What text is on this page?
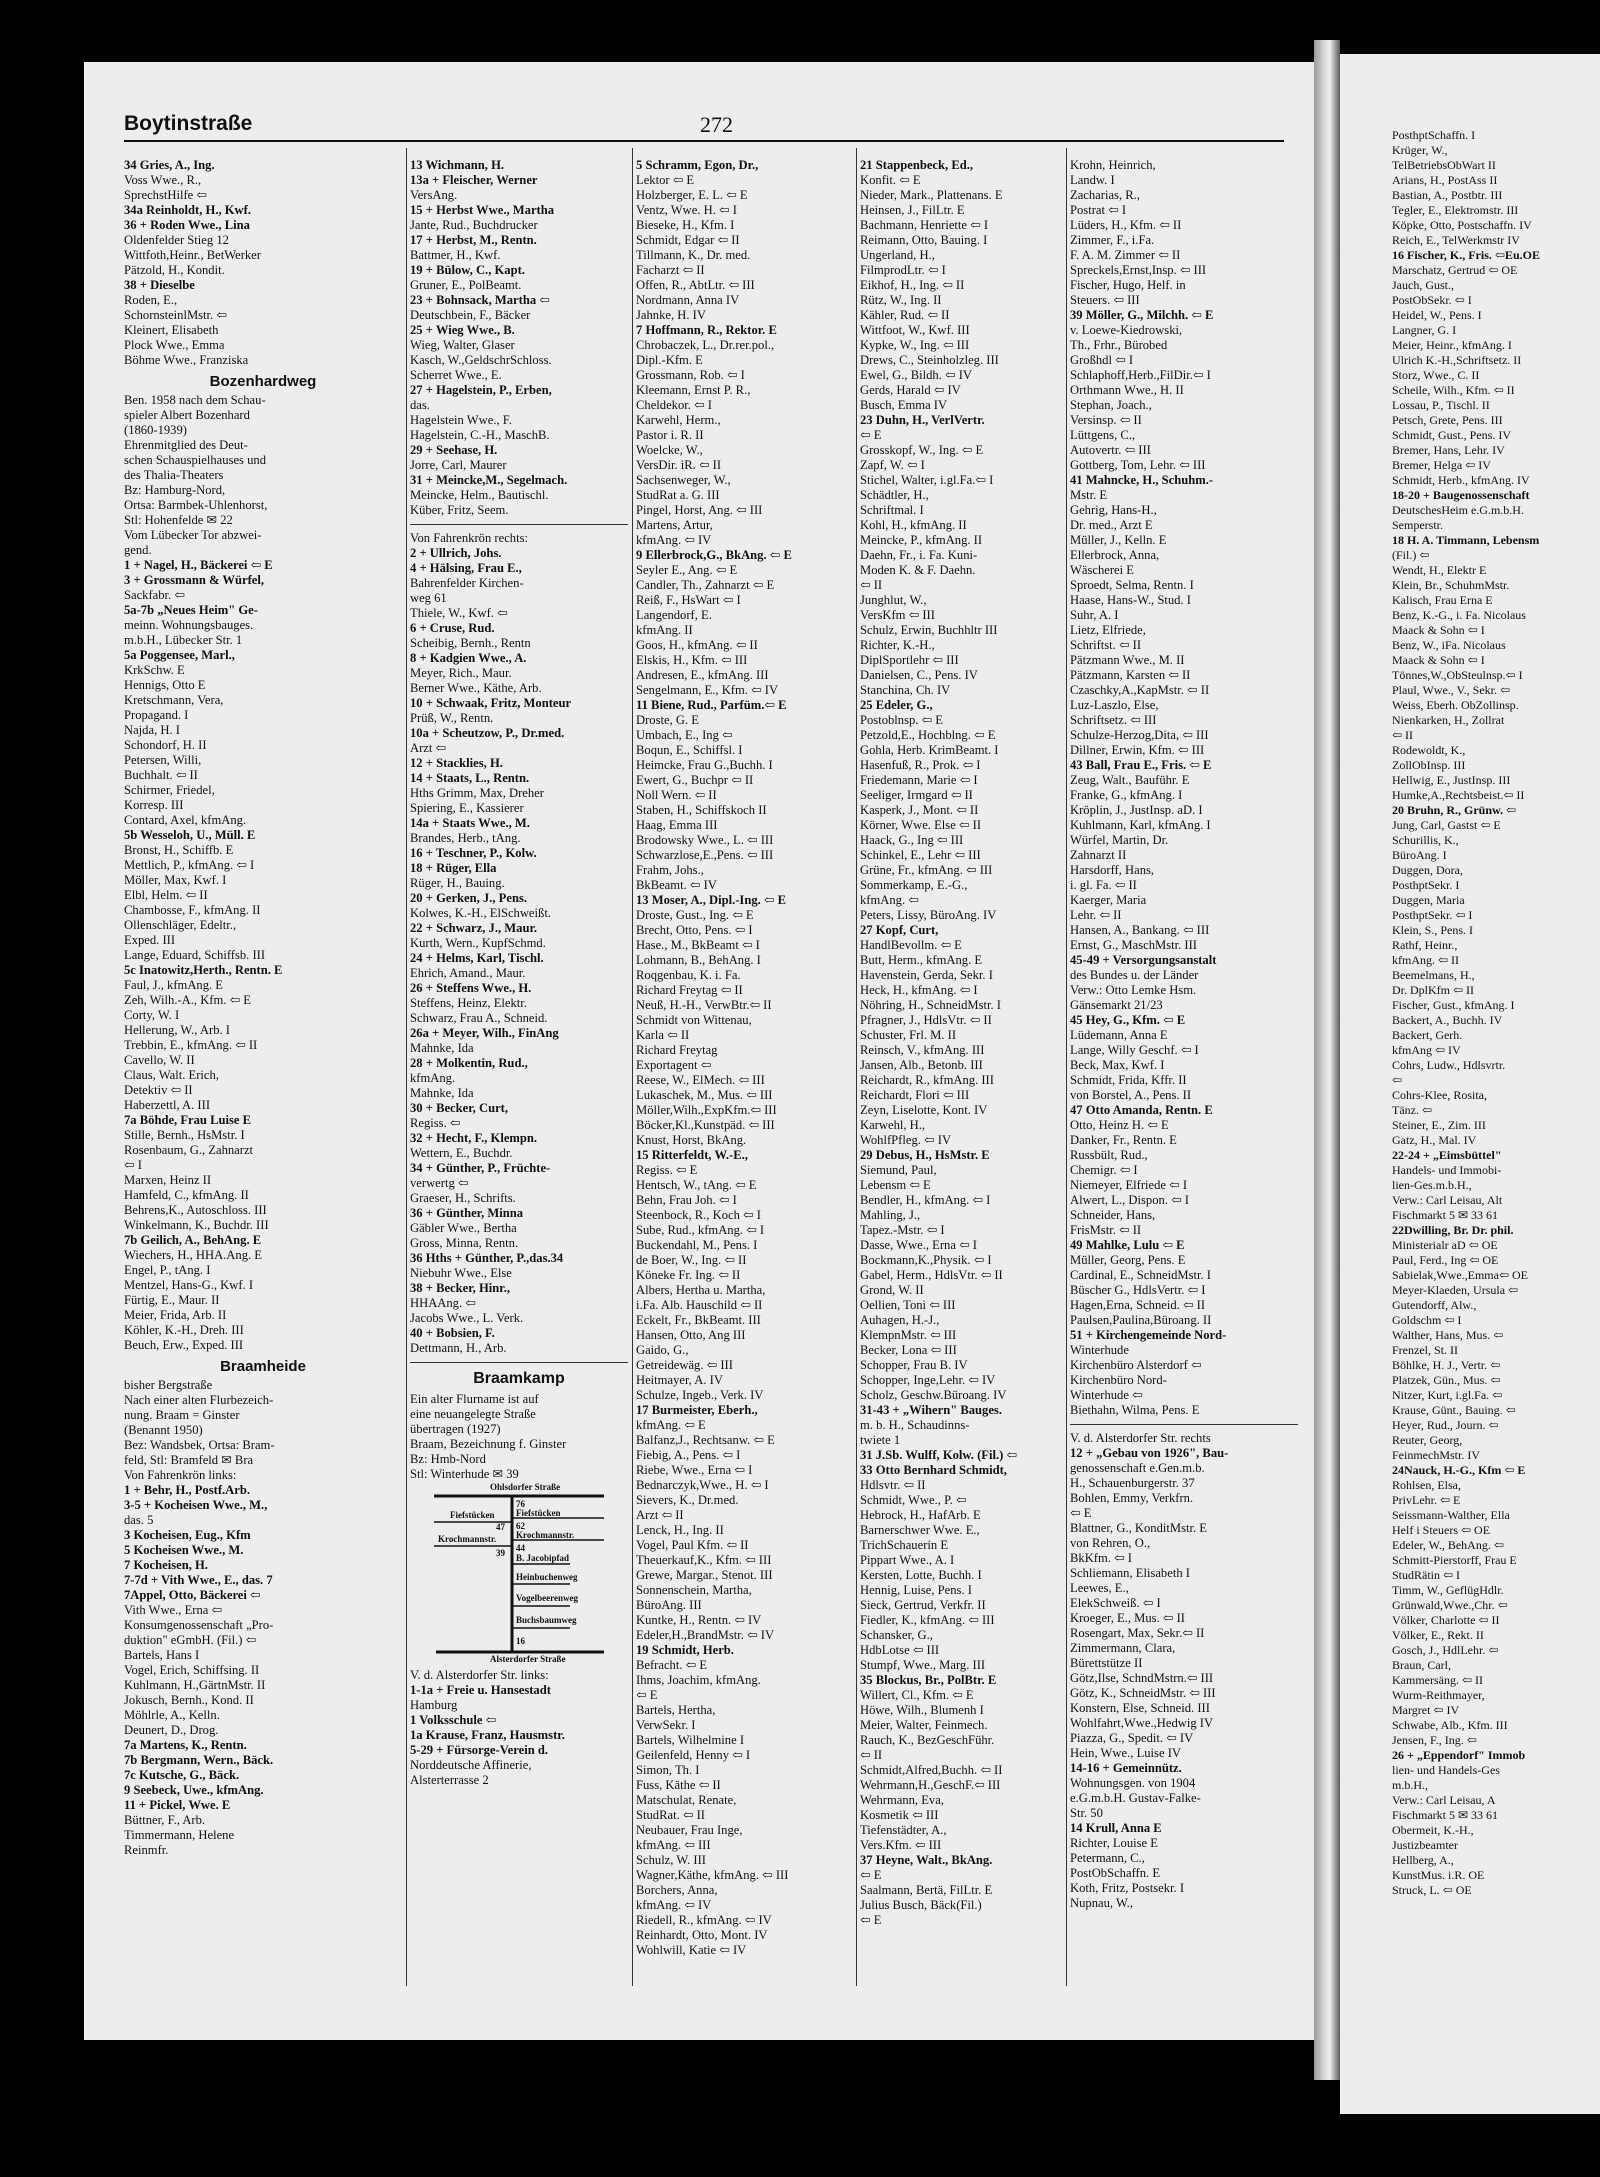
Boytinstraße	272
34 Gries, A., Ing.
Voss Wwe., R.,
SprechstHilfe ⇦
34a Reinholdt, H., Kwf.
36 + Roden Wwe., Lina
Oldenfelder Stieg 12
Wittfoth,Heinr., BetWerker
Pätzold, H., Kondit.
38 + Dieselbe
Roden, E.,
SchornsteinlMstr. ⇦
Kleinert, Elisabeth
Plock Wwe., Emma
Böhme Wwe., Franziska
Bozenhardweg
Ben. 1958 nach dem Schau-
spieler Albert Bozenhard
(1860-1939)
Ehrenmitglied des Deut-
schen Schauspielhauses und
des Thalia-Theaters
Bz: Hamburg-Nord,
Ortsa: Barmbek-Uhlenhorst,
Stl: Hohenfelde ✉ 22
Vom Lübecker Tor abzwei-
gend.
1 + Nagel, H., Bäckerei ⇦ E
3 + Grossmann & Würfel,
Sackfabr. ⇦
5a-7b „Neues Heim" Ge-
meinn. Wohnungsbauges.
m.b.H., Lübecker Str. 1
5a Poggensee, Marl.,
KrkSchw. E
Hennigs, Otto E
Kretschmann, Vera,
Propagand. I
Najda, H. I
Schondorf, H. II
Petersen, Willi,
Buchhalt. ⇦ II
Schirmer, Friedel,
Korresp. III
Contard, Axel, kfmAng.
5b Wesseloh, U., Müll. E
Bronst, H., Schiffb. E
Mettlich, P., kfmAng. ⇦ I
Möller, Max, Kwf. I
Elbl, Helm. ⇦ II
Chambosse, F., kfmAng. II
Ollenschläger, Edeltr.,
Exped. III
Lange, Eduard, Schiffsb. III
5c Inatowitz,Herth., Rentn. E
Faul, J., kfmAng. E
Zeh, Wilh.-A., Kfm. ⇦ E
Corty, W. I
Hellerung, W., Arb. I
Trebbin, E., kfmAng. ⇦ II
Cavello, W. II
Claus, Walt. Erich,
Detektiv ⇦ II
Haberzettl, A. III
7a Böhde, Frau Luise E
Stille, Bernh., HsMstr. I
Rosenbaum, G., Zahnarzt
⇦ I
Marxen, Heinz II
Hamfeld, C., kfmAng. II
Behrens,K., Autoschloss. III
Winkelmann, K., Buchdr. III
7b Geilich, A., BehAng. E
Wiechers, H., HHA.Ang. E
Engel, P., tAng. I
Mentzel, Hans-G., Kwf. I
Fürtig, E., Maur. II
Meier, Frida, Arb. II
Köhler, K.-H., Dreh. III
Beuch, Erw., Exped. III
Braamheide
bisher Bergstraße
Nach einer alten Flurbezeich-
nung. Braam = Ginster
(Benannt 1950)
Bez: Wandsbek, Ortsa: Bram-
feld, Stl: Bramfeld ✉ Bra
Von Fahrenkrön links:
1 + Behr, H., Postf.Arb.
3-5 + Kocheisen Wwe., M.,
das. 5
3 Kocheisen, Eug., Kfm
5 Kocheisen Wwe., M.
7 Kocheisen, H.
7-7d + Vith Wwe., E., das. 7
7Appel, Otto, Bäckerei ⇦
Vith Wwe., Erna ⇦
Konsumgenossenschaft „Pro-
duktion" eGmbH. (Fil.) ⇦
Bartels, Hans I
Vogel, Erich, Schiffsing. II
Kuhlmann, H.,GärtnMstr. II
Jokusch, Bernh., Kond. II
Möhlrle, A., Kelln.
Deunert, D., Drog.
7a Martens, K., Rentn.
7b Bergmann, Wern., Bäck.
7c Kutsche, G., Bäck.
9 Seebeck, Uwe., kfmAng.
11 + Pickel, Wwe. E
Büttner, F., Arb.
Timmermann, Helene
Reinmfr.
13 Wichmann, H.
13a + Fleischer, Werner
VersAng.
15 + Herbst Wwe., Martha
Jante, Rud., Buchdrucker
17 + Herbst, M., Rentn.
Battmer, H., Kwf.
19 + Bülow, C., Kapt.
Gruner, E., PolBeamt.
23 + Bohnsack, Martha ⇦
Deutschbein, F., Bäcker
25 + Wieg Wwe., B.
Wieg, Walter, Glaser
Kasch, W.,GeldschrSchloss.
Scherret Wwe., E.
27 + Hagelstein, P., Erben,
das.
Hagelstein Wwe., F.
Hagelstein, C.-H., MaschB.
29 + Seehase, H.
Jorre, Carl, Maurer
31 + Meincke,M., Segelmach.
Meincke, Helm., Bautischl.
Küber, Fritz, Seem.
Von Fahrenkrön rechts:
2 + Ullrich, Johs.
4 + Hälsing, Frau E.,
Bahrenfelder Kirchen-
weg 61
Thiele, W., Kwf. ⇦
6 + Cruse, Rud.
Scheibig, Bernh., Rentn
8 + Kadgien Wwe., A.
Meyer, Rich., Maur.
Berner Wwe., Käthe, Arb.
10 + Schwaak, Fritz, Monteur
Prüß, W., Rentn.
10a + Scheutzow, P., Dr.med.
Arzt ⇦
12 + Stacklies, H.
14 + Staats, L., Rentn.
Hths Grimm, Max, Dreher
Spiering, E., Kassierer
14a + Staats Wwe., M.
Brandes, Herb., tAng.
16 + Teschner, P., Kolw.
18 + Rüger, Ella
Rüger, H., Bauing.
20 + Gerken, J., Pens.
Kolwes, K.-H., ElSchweißt.
22 + Schwarz, J., Maur.
Kurth, Wern., KupfSchmd.
24 + Helms, Karl, Tischl.
Ehrich, Amand., Maur.
26 + Steffens Wwe., H.
Steffens, Heinz, Elektr.
Schwarz, Frau A., Schneid.
26a + Meyer, Wilh., FinAng
Mahnke, Ida
28 + Molkentin, Rud.,
kfmAng.
Mahnke, Ida
30 + Becker, Curt,
Regiss. ⇦
32 + Hecht, F., Klempn.
Wettern, E., Buchdr.
34 + Günther, P., Früchte-
verwertg ⇦
Graeser, H., Schrifts.
36 + Günther, Minna
Gäbler Wwe., Bertha
Gross, Minna, Rentn.
36 Hths + Günther, P.,das.34
Niebuhr Wwe., Else
38 + Becker, Hinr.,
HHAAng. ⇦
Jacobs Wwe., L. Verk.
40 + Bobsien, F.
Dettmann, H., Arb.
Braamkamp
Ein alter Flurname ist auf
eine neuangelegte Straße
übertragen (1927)
Braam, Bezeichnung f. Ginster
Bz: Hmb-Nord
Stl: Winterhude ✉ 39
V. d. Alsterdorfer Str. links:
1-1a + Freie u. Hansestadt
Hamburg
1 Volksschule ⇦
1a Krause, Franz, Hausmstr.
5-29 + Fürsorge-Verein d.
Norddeutsche Affinerie,
Alsterterrasse 2
5 Schramm, Egon, Dr.,
Lektor ⇦ E
Holzberger, E. L. ⇦ E
Ventz, Wwe. H. ⇦ I
Bieseke, H., Kfm. I
Schmidt, Edgar ⇦ II
Tillmann, K., Dr. med.
Facharzt ⇦ II
Offen, R., AbtLtr. ⇦ III
Nordmann, Anna IV
Jahnke, H. IV
7 Hoffmann, R., Rektor. E
Chrobaczek, L., Dr.rer.pol.,
Dipl.-Kfm. E
Grossmann, Rob. ⇦ I
Kleemann, Ernst P. R.,
Cheldekor. ⇦ I
Karwehl, Herm.,
Pastor i. R. II
Woelcke, W.,
VersDir. iR. ⇦ II
Sachsenweger, W.,
StudRat a. G. III
Pingel, Horst, Ang. ⇦ III
Martens, Artur,
kfmAng. ⇦ IV
9 Ellerbrock,G., BkAng. ⇦ E
Seyler E., Ang. ⇦ E
Candler, Th., Zahnarzt ⇦ E
Reiß, F., HsWart ⇦ I
Langendorf, E.
kfmAng. II
Goos, H., kfmAng. ⇦ II
Elskis, H., Kfm. ⇦ III
Andresen, E., kfmAng. III
Sengelmann, E., Kfm. ⇦ IV
11 Biene, Rud., Parfüm.⇦ E
Droste, G. E
Umbach, E., Ing ⇦
Boqun, E., Schiffsl. I
Heimcke, Frau G.,Buchh. I
Ewert, G., Buchpr ⇦ II
Noll Wern. ⇦ II
Staben, H., Schiffskoch II
Haag, Emma III
Brodowsky Wwe., L. ⇦ III
Schwarzlose,E.,Pens. ⇦ III
Frahm, Johs.,
BkBeamt. ⇦ IV
13 Moser, A., Dipl.-Ing. ⇦ E
Droste, Gust., Ing. ⇦ E
Brecht, Otto, Pens. ⇦ I
Hase., M., BkBeamt ⇦ I
Lohmann, B., BehAng. I
Roqgenbau, K. i. Fa.
Richard Freytag ⇦ II
Neuß, H.-H., VerwBtr.⇦ II
Schmidt von Wittenau,
Karla ⇦ II
Richard Freytag
Exportagent ⇦
Reese, W., ElMech. ⇦ III
Lukaschek, M., Mus. ⇦ III
Möller,Wilh.,ExpKfm.⇦ III
Böcker,Kl.,Kunstpäd. ⇦ III
Knust, Horst, BkAng.
15 Ritterfeldt, W.-E.,
Regiss. ⇦ E
Hentsch, W., tAng. ⇦ E
Behn, Frau Joh. ⇦ I
Steenbock, R., Koch ⇦ I
Sube, Rud., kfmAng. ⇦ I
Buckendahl, M., Pens. I
de Boer, W., Ing. ⇦ II
Köneke Fr. Ing. ⇦ II
Albers, Hertha u. Martha,
i.Fa. Alb. Hauschild ⇦ II
Eckelt, Fr., BkBeamt. III
Hansen, Otto, Ang III
Gaido, G.,
Getreidewäg. ⇦ III
Heitmayer, A. IV
Schulze, Ingeb., Verk. IV
17 Burmeister, Eberh.,
kfmAng. ⇦ E
Balfanz,J., Rechtsanw. ⇦ E
Fiebig, A., Pens. ⇦ I
Riebe, Wwe., Erna ⇦ I
Bednarczyk,Wwe., H. ⇦ I
Sievers, K., Dr.med.
Arzt ⇦ II
Lenck, H., Ing. II
Vogel, Paul Kfm. ⇦ II
Theuerkauf,K., Kfm. ⇦ III
Grewe, Margar., Stenot. III
Sonnenschein, Martha,
BüroAng. III
Kuntke, H., Rentn. ⇦ IV
Edeler,H.,BrandMstr. ⇦ IV
19 Schmidt, Herb.
Befracht. ⇦ E
Ihms, Joachim, kfmAng.
⇦ E
Bartels, Hertha,
VerwSekr. I
Bartels, Wilhelmine I
Geilenfeld, Henny ⇦ I
Simon, Th. I
Fuss, Käthe ⇦ II
Matschulat, Renate,
StudRat. ⇦ II
Neubauer, Frau Inge,
kfmAng. ⇦ III
Schulz, W. III
Wagner,Käthe, kfmAng. ⇦ III
Borchers, Anna,
kfmAng. ⇦ IV
Riedell, R., kfmAng. ⇦ IV
Reinhardt, Otto, Mont. IV
Wohlwill, Katie ⇦ IV
21 Stappenbeck, Ed.,
Konfit. ⇦ E
Nieder, Mark., Plattenans. E
Heinsen, J., FilLtr. E
Bachmann, Henriette ⇦ I
Reimann, Otto, Bauing. I
Ungerland, H.,
FilmprodLtr. ⇦ I
Eikhof, H., Ing. ⇦ II
Rütz, W., Ing. II
Kähler, Rud. ⇦ II
Wittfoot, W., Kwf. III
Kypke, W., Ing. ⇦ III
Drews, C., Steinholzleg. III
Ewel, G., Bildh. ⇦ IV
Gerds, Harald ⇦ IV
Busch, Emma IV
23 Duhn, H., VerlVertr.
⇦ E
Grosskopf, W., Ing. ⇦ E
Zapf, W. ⇦ I
Stichel, Walter, i.gl.Fa.⇦ I
Schädtler, H.,
Schriftmal. I
Kohl, H., kfmAng. II
Meincke, P., kfmAng. II
Daehn, Fr., i. Fa. Kuni-
Moden K. & F. Daehn.
⇦ II
Junghlut, W.,
VersKfm ⇦ III
Schulz, Erwin, Buchhltr III
Richter, K.-H.,
DiplSportlehr ⇦ III
Danielsen, C., Pens. IV
Stanchina, Ch. IV
25 Edeler, G.,
Postoblnsp. ⇦ E
Petzold,E., Hochblng. ⇦ E
Gohla, Herb. KrimBeamt. I
Hasenfuß, R., Prok. ⇦ I
Friedemann, Marie ⇦ I
Seeliger, Irmgard ⇦ II
Kasperk, J., Mont. ⇦ II
Körner, Wwe. Else ⇦ II
Haack, G., Ing ⇦ III
Schinkel, E., Lehr ⇦ III
Grüne, Fr., kfmAng. ⇦ III
Sommerkamp, E.-G.,
kfmAng. ⇦
Peters, Lissy, BüroAng. IV
27 Kopf, Curt,
HandlBevollm. ⇦ E
Butt, Herm., kfmAng. E
Havenstein, Gerda, Sekr. I
Heck, H., kfmAng. ⇦ I
Nöhring, H., SchneidMstr. I
Pfragner, J., HdlsVtr. ⇦ II
Schuster, Frl. M. II
Reinsch, V., kfmAng. III
Jansen, Alb., Betonb. III
Reichardt, R., kfmAng. III
Reichardt, Flori ⇦ III
Zeyn, Liselotte, Kont. IV
Karwehl, H.,
WohlfPfleg. ⇦ IV
29 Debus, H., HsMstr. E
Siemund, Paul,
Lebensm ⇦ E
Bendler, H., kfmAng. ⇦ I
Mahling, J.,
Tapez.-Mstr. ⇦ I
Dasse, Wwe., Erna ⇦ I
Bockmann,K.,Physik. ⇦ I
Gabel, Herm., HdlsVtr. ⇦ II
Grond, W. II
Oellien, Toni ⇦ III
Auhagen, H.-J.,
KlempnMstr. ⇦ III
Becker, Lona ⇦ III
Schopper, Frau B. IV
Schopper, Inge,Lehr. ⇦ IV
Scholz, Geschw.Büroang. IV
31-43 + „Wihern" Bauges.
m. b. H., Schaudinns-
twiete 1
31 J.Sb. Wulff, Kolw. (Fil.) ⇦
33 Otto Bernhard Schmidt,
Hdlsvtr. ⇦ II
Schmidt, Wwe., P. ⇦
Hebrock, H., HafArb. E
Barnerschwer Wwe. E.,
TrichSchauerin E
Pippart Wwe., A. I
Kersten, Lotte, Buchh. I
Hennig, Luise, Pens. I
Sieck, Gertrud, Verkfr. II
Fiedler, K., kfmAng. ⇦ III
Schansker, G.,
HdbLotse ⇦ III
Stumpf, Wwe., Marg. III
35 Blockus, Br., PolBtr. E
Willert, Cl., Kfm. ⇦ E
Höwe, Wilh., Blumenh I
Meier, Walter, Feinmech.
Rauch, K., BezGeschFühr.
⇦ II
Schmidt,Alfred,Buchh. ⇦ II
Wehrmann,H.,GeschF.⇦ III
Wehrmann, Eva,
Kosmetik ⇦ III
Tiefenstädter, A.,
Vers.Kfm. ⇦ III
37 Heyne, Walt., BkAng.
⇦ E
Saalmann, Bertä, FilLtr. E
Julius Busch, Bäck(Fil.)
⇦ E
Krohn, Heinrich,
Landw. I
Zacharias, R.,
Postrat ⇦ I
Lüders, H., Kfm. ⇦ II
Zimmer, F., i.Fa.
F. A. M. Zimmer ⇦ II
Spreckels,Ernst,Insp. ⇦ III
Fischer, Hugo, Helf. in
Steuers. ⇦ III
39 Möller, G., Milchh. ⇦ E
v. Loewe-Kiedrowski,
Th., Frhr., Bürobed
Großhdl ⇦ I
Schlaphoff,Herb.,FilDir.⇦ I
Orthmann Wwe., H. II
Stephan, Joach.,
Versinsp. ⇦ II
Lüttgens, C.,
Autovertr. ⇦ III
Gottberg, Tom, Lehr. ⇦ III
41 Mahncke, H., Schuhm.-
Mstr. E
Gehrig, Hans-H.,
Dr. med., Arzt E
Müller, J., Kelln. E
Ellerbrock, Anna,
Wäscherei E
Sproedt, Selma, Rentn. I
Haase, Hans-W., Stud. I
Suhr, A. I
Lietz, Elfriede,
Schriftst. ⇦ II
Pätzmann Wwe., M. II
Pätzmann, Karsten ⇦ II
Czaschky,A.,KapMstr. ⇦ II
Luz-Laszlo, Else,
Schriftsetz. ⇦ III
Schulze-Herzog,Dita, ⇦ III
Dillner, Erwin, Kfm. ⇦ III
43 Ball, Frau E., Fris. ⇦ E
Zeug, Walt., Bauführ. E
Franke, G., kfmAng. I
Kröplin, J., JustInsp. aD. I
Kuhlmann, Karl, kfmAng. I
Würfel, Martin, Dr.
Zahnarzt II
Harsdorff, Hans,
i. gl. Fa. ⇦ II
Kaerger, Maria
Lehr. ⇦ II
Hansen, A., Bankang. ⇦ III
Ernst, G., MaschMstr. III
45-49 + Versorgungsanstalt
des Bundes u. der Länder
Verw.: Otto Lemke Hsm.
Gänsemarkt 21/23
45 Hey, G., Kfm. ⇦ E
Lüdemann, Anna E
Lange, Willy Geschf. ⇦ I
Beck, Max, Kwf. I
Schmidt, Frida, Kffr. II
von Borstel, A., Pens. II
47 Otto Amanda, Rentn. E
Otto, Heinz H. ⇦ E
Danker, Fr., Rentn. E
Russbült, Rud.,
Chemigr. ⇦ I
Niemeyer, Elfriede ⇦ I
Alwert, L., Dispon. ⇦ I
Schneider, Hans,
FrisMstr. ⇦ II
49 Mahlke, Lulu ⇦ E
Müller, Georg, Pens. E
Cardinal, E., SchneidMstr. I
Büscher G., HdlsVertr. ⇦ I
Hagen,Erna, Schneid. ⇦ II
Paulsen,Paulina,Büroang. II
51 + Kirchengemeinde Nord-
Winterhude
Kirchenbüro Alsterdorf ⇦
Kirchenbüro Nord-
Winterhude ⇦
Biethahn, Wilma, Pens. E
V. d. Alsterdorfer Str. rechts
12 + „Gebau von 1926", Bau-
genossenschaft e.Gen.m.b.
H., Schauenburgerstr. 37
Bohlen, Emmy, Verkfrn.
⇦ E
Blattner, G., KonditMstr. E
von Rehren, O.,
BkKfm. ⇦ I
Schliemann, Elisabeth I
Leewes, E.,
ElekSchweiß. ⇦ I
Kroeger, E., Mus. ⇦ II
Rosengart, Max, Sekr.⇦ II
Zimmermann, Clara,
Bürettstütze II
Götz,Ilse, SchndMstrn.⇦ III
Götz, K., SchneidMstr. ⇦ III
Konstern, Else, Schneid. III
Wohlfahrt,Wwe.,Hedwig IV
Piazza, G., Spedit. ⇦ IV
Hein, Wwe., Luise IV
14-16 + Gemeinnütz.
Wohnungsgen. von 1904
e.G.m.b.H. Gustav-Falke-
Str. 50
14 Krull, Anna E
Richter, Louise E
Petermann, C.,
PostObSchaffn. E
Koth, Fritz, Postsekr. I
Nupnau, W.,
PosthptSchaffn. I
Krüger, W.,
TelBetriebsObWart II
Arians, H., PostAss II
Bastian, A., Postbtr. III
Tegler, E., Elektromstr. III
Köpke, Otto, Postschaffn. IV
Reich, E., TelWerkmstr IV
16 Fischer, K., Fris. ⇦Eu.OE
Marschatz, Gertrud ⇦ OE
Jauch, Gust.,
PostObSekr. ⇦ I
Heidel, W., Pens. I
Langner, G. I
Meier, Heinr., kfmAng. I
Ulrich K.-H.,Schriftsetz. II
Storz, Wwe., C. II
Scheile, Wilh., Kfm. ⇦ II
Lossau, P., Tischl. II
Petsch, Grete, Pens. III
Schmidt, Gust., Pens. IV
Bremer, Hans, Lehr. IV
Bremer, Helga ⇦ IV
Schmidt, Herb., kfmAng. IV
18-20 + Baugenossenschaft
DeutschesHeim e.G.m.b.H.
Semperstr.
18 H. A. Timmann, Lebensm
(Fil.) ⇦
Wendt, H., Elektr E
Klein, Br., SchuhmMstr.
Kalisch, Frau Erna E
Benz, K.-G., i. Fa. Nicolaus
Maack & Sohn ⇦ I
Benz, W., iFa. Nicolaus
Maack & Sohn ⇦ I
Tönnes,W.,ObSteulnsp.⇦ I
Plaul, Wwe., V., Sekr. ⇦
Weiss, Eberh. ObZollinsp.
Nienkarken, H., Zollrat
⇦ II
Rodewoldt, K.,
ZollObInsp. III
Hellwig, E., JustInsp. III
Humke,A.,Rechtsbeist.⇦ II
20 Bruhn, R., Grünw. ⇦
Jung, Carl, Gastst ⇦ E
Schurillis, K.,
BüroAng. I
Duggen, Dora,
PosthptSekr. I
Duggen, Maria
PosthptSekr. ⇦ I
Klein, S., Pens. I
Rathf, Heinr.,
kfmAng. ⇦ II
Beemelmans, H.,
Dr. DplKfm ⇦ II
Fischer, Gust., kfmAng. I
Backert, A., Buchh. IV
Backert, Gerh.
kfmAng ⇦ IV
Cohrs, Ludw., Hdlsvrtr.
⇦
Cohrs-Klee, Rosita,
Tänz. ⇦
Steiner, E., Zim. III
Gatz, H., Mal. IV
22-24 + „Eimsbüttel"
Handels- und Immobi-
lien-Ges.m.b.H.,
Verw.: Carl Leisau, Alt
Fischmarkt 5 ✉ 33 61
22Dwilling, Br. Dr. phil.
Ministerialr aD ⇦ OE
Paul, Ferd., Ing ⇦ OE
Sabielak,Wwe.,Emma⇦ OE
Meyer-Klaeden, Ursula ⇦
Gutendorff, Alw.,
Goldschm ⇦ I
Walther, Hans, Mus. ⇦
Frenzel, St. II
Böhlke, H. J., Vertr. ⇦
Platzek, Gün., Mus. ⇦
Nitzer, Kurt, i.gl.Fa. ⇦
Krause, Günt., Bauing. ⇦
Heyer, Rud., Journ. ⇦
Reuter, Georg,
FeinmechMstr. IV
24Nauck, H.-G., Kfm ⇦ E
Rohlsen, Elsa,
PrivLehr. ⇦ E
Seissmann-Walther, Ella
Helf i Steuers ⇦ OE
Edeler, W., BehAng. ⇦
Schmitt-Pierstorff, Frau E
StudRätin ⇦ I
Timm, W., GeflügHdlr.
Grünwald,Wwe.,Chr. ⇦
Völker, Charlotte ⇦ II
Völker, E., Rekt. II
Gosch, J., HdlLehr. ⇦
Braun, Carl,
Kammersäng. ⇦ II
Wurm-Reithmayer,
Margret ⇦ IV
Schwabe, Alb., Kfm. III
Jensen, F., Ing. ⇦
26 + „Eppendorf" Immob
lien- und Handels-Ges
m.b.H.,
Verw.: Carl Leisau, A
Fischmarkt 5 ✉ 33 61
Obermeit, K.-H.,
Justizbeamter
Hellberg, A.,
KunstMus. i.R. OE
Struck, L. ⇦ OE
Ohlsdorfer Straße
Alsterdorfer Straße
Fiefstücken
Krochmannstr.
47
39
76
Fiefstücken
62
Krochmannstr.
44
B. Jacobipfad
Heinbuchenweg
Vogelbeerenweg
Buchsbaumweg
16
